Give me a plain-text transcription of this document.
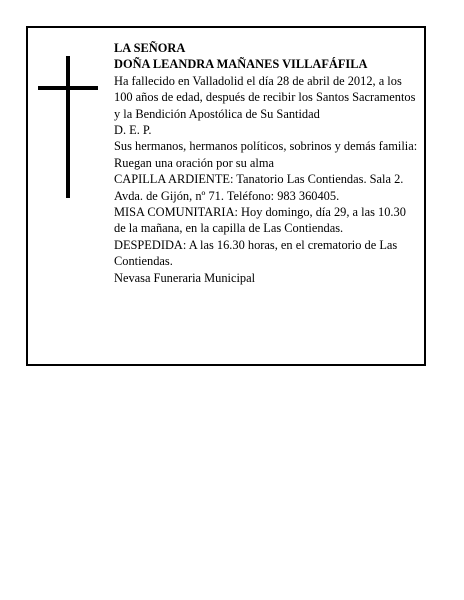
LA SEÑORA

DOÑA LEANDRA MAÑANES VILLAFÁFILA

Ha fallecido en Valladolid el día 28 de abril de 2012, a los 100 años de edad, después de recibir los Santos Sacramentos y la Bendición Apostólica de Su Santidad

D. E. P.

Sus hermanos, hermanos políticos, sobrinos y demás familia:

Ruegan una oración por su alma

CAPILLA ARDIENTE: Tanatorio Las Contiendas. Sala 2. Avda. de Gijón, nº 71. Teléfono: 983 360405.

MISA COMUNITARIA: Hoy domingo, día 29, a las 10.30 de la mañana, en la capilla de Las Contiendas.

DESPEDIDA: A las 16.30 horas, en el crematorio de Las Contiendas.

Nevasa Funeraria Municipal
